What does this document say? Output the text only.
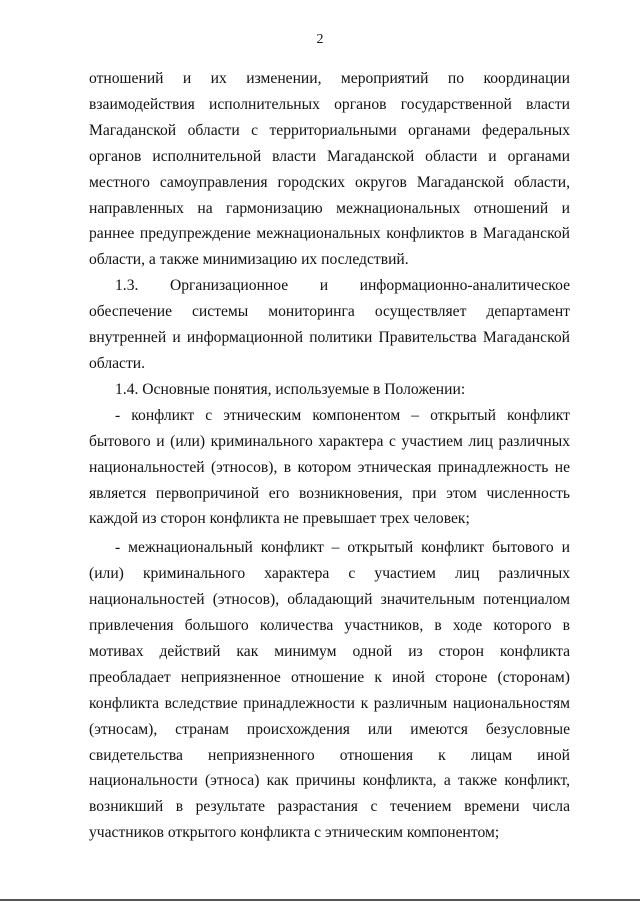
2

отношений и их изменении, мероприятий по координации взаимодействия исполнительных органов государственной власти Магаданской области с территориальными органами федеральных органов исполнительной власти Магаданской области и органами местного самоуправления городских округов Магаданской области, направленных на гармонизацию межнациональных отношений и раннее предупреждение межнациональных конфликтов в Магаданской области, а также минимизацию их последствий.

1.3. Организационное и информационно-аналитическое обеспечение системы мониторинга осуществляет департамент внутренней и информационной политики Правительства Магаданской области.

1.4. Основные понятия, используемые в Положении:

- конфликт с этническим компонентом – открытый конфликт бытового и (или) криминального характера с участием лиц различных национальностей (этносов), в котором этническая принадлежность не является первопричиной его возникновения, при этом численность каждой из сторон конфликта не превышает трех человек;

- межнациональный конфликт – открытый конфликт бытового и (или) криминального характера с участием лиц различных национальностей (этносов), обладающий значительным потенциалом привлечения большого количества участников, в ходе которого в мотивах действий как минимум одной из сторон конфликта преобладает неприязненное отношение к иной стороне (сторонам) конфликта вследствие принадлежности к различным национальностям (этносам), странам происхождения или имеются безусловные свидетельства неприязненного отношения к лицам иной национальности (этноса) как причины конфликта, а также конфликт, возникший в результате разрастания с течением времени числа участников открытого конфликта с этническим компонентом;
